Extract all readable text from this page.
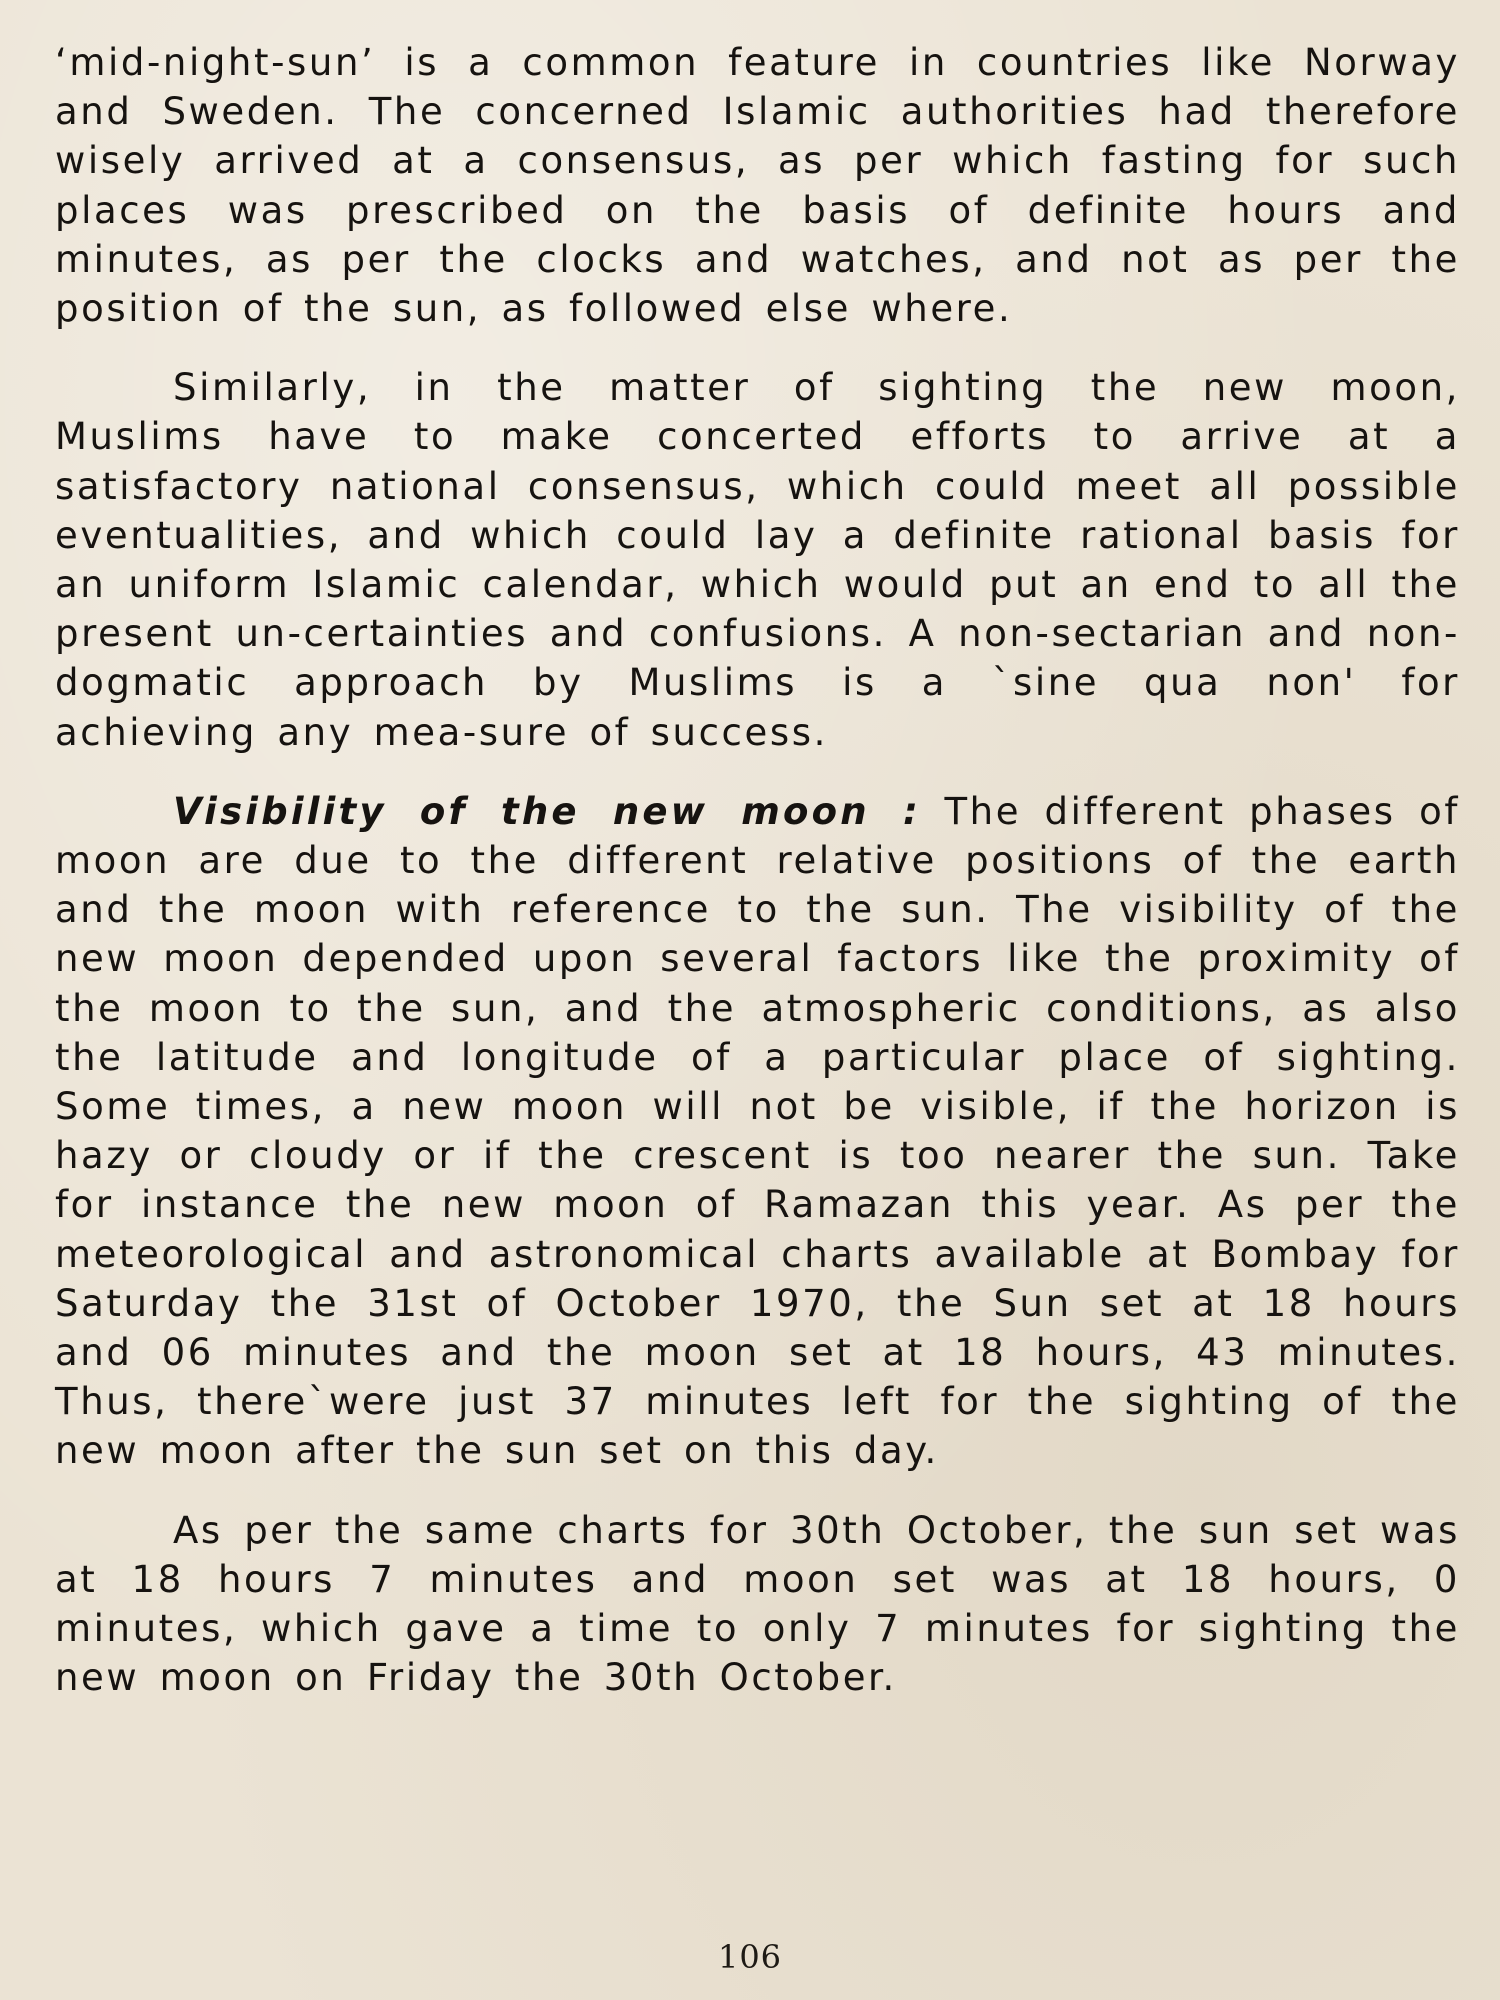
‘mid-night-sun’ is a common feature in countries like Norway and Sweden. The concerned Islamic authorities had therefore wisely arrived at a consensus, as per which fasting for such places was prescribed on the basis of definite hours and minutes, as per the clocks and watches, and not as per the position of the sun, as followed else where.

Similarly, in the matter of sighting the new moon, Muslims have to make concerted efforts to arrive at a satisfactory national consensus, which could meet all possible eventualities, and which could lay a definite rational basis for an uniform Islamic calendar, which would put an end to all the present un-certainties and confusions. A non-sectarian and non-dogmatic approach by Muslims is a `sine qua non' for achieving any mea-sure of success.

Visibility of the new moon : The different phases of moon are due to the different relative positions of the earth and the moon with reference to the sun. The visibility of the new moon depended upon several factors like the proximity of the moon to the sun, and the atmospheric conditions, as also the latitude and longitude of a particular place of sighting. Some times, a new moon will not be visible, if the horizon is hazy or cloudy or if the crescent is too nearer the sun. Take for instance the new moon of Ramazan this year. As per the meteorological and astronomical charts available at Bombay for Saturday the 31st of October 1970, the Sun set at 18 hours and 06 minutes and the moon set at 18 hours, 43 minutes. Thus, there`were just 37 minutes left for the sighting of the new moon after the sun set on this day.

As per the same charts for 30th October, the sun set was at 18 hours 7 minutes and moon set was at 18 hours, 0 minutes, which gave a time to only 7 minutes for sighting the new moon on Friday the 30th October.

106
